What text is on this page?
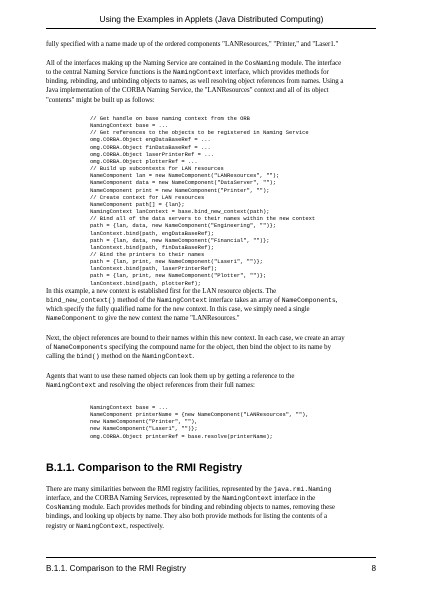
Using the Examples in Applets (Java Distributed Computing)

fully specified with a name made up of the ordered components "LANResources," "Printer," and "Laser1."

All of the interfaces making up the Naming Service are contained in the CosNaming module. The interface
to the central Naming Service functions is the NamingContext interface, which provides methods for
binding, rebinding, and unbinding objects to names, as well resolving object references from names. Using a
Java implementation of the CORBA Naming Service, the "LANResources" context and all of its object
"contents" might be built up as follows:

// Get handle on base naming context from the ORB
NamingContext base = ...
// Get references to the objects to be registered in Naming Service
omg.CORBA.Object engDataBaseRef = ...
omg.CORBA.Object finDataBaseRef = ...
omg.CORBA.Object laserPrinterRef = ...
omg.CORBA.Object plotterRef = ...
// Build up subcontexts for LAN resources
NameComponent lan = new NameComponent("LANResources", "");
NameComponent data = new NameComponent("DataServer", "");
NameComponent print = new NameComponent("Printer", "");
// Create context for LAN resources
NameComponent path[] = {lan};
NamingContext lanContext = base.bind_new_context(path);
// Bind all of the data servers to their names within the new context
path = {lan, data, new NameComponent("Engineering", "")};
lanContext.bind(path, engDataBaseRef);
path = {lan, data, new NameComponent("Financial", "")};
lanContext.bind(path, finDataBaseRef);
// Bind the printers to their names
path = {lan, print, new NameComponent("Laser1", "")};
lanContext.bind(path, laserPrinterRef);
path = {lan, print, new NameComponent("Plotter", "")};
lanContext.bind(path, plotterRef);

In this example, a new context is established first for the LAN resource objects. The
bind_new_context() method of the NamingContext interface takes an array of NameComponents,
which specify the fully qualified name for the new context. In this case, we simply need a single
NameComponent to give the new context the name "LANResources."

Next, the object references are bound to their names within this new context. In each case, we create an array
of NameComponents specifying the compound name for the object, then bind the object to its name by
calling the bind() method on the NamingContext.

Agents that want to use these named objects can look them up by getting a reference to the
NamingContext and resolving the object references from their full names:

NamingContext base = ...
NameComponent printerName = {new NameComponent("LANResources", ""),
new NameComponent("Printer", ""),
new NameComponent("Laser1", "")};
omg.CORBA.Object printerRef = base.resolve(printerName);
B.1.1. Comparison to the RMI Registry

There are many similarities between the RMI registry facilities, represented by the java.rmi.Naming
interface, and the CORBA Naming Services, represented by the NamingContext interface in the
CosNaming module. Each provides methods for binding and rebinding objects to names, removing these
bindings, and looking up objects by name. They also both provide methods for listing the contents of a
registry or NamingContext, respectively.

B.1.1. Comparison to the RMI Registry	8
